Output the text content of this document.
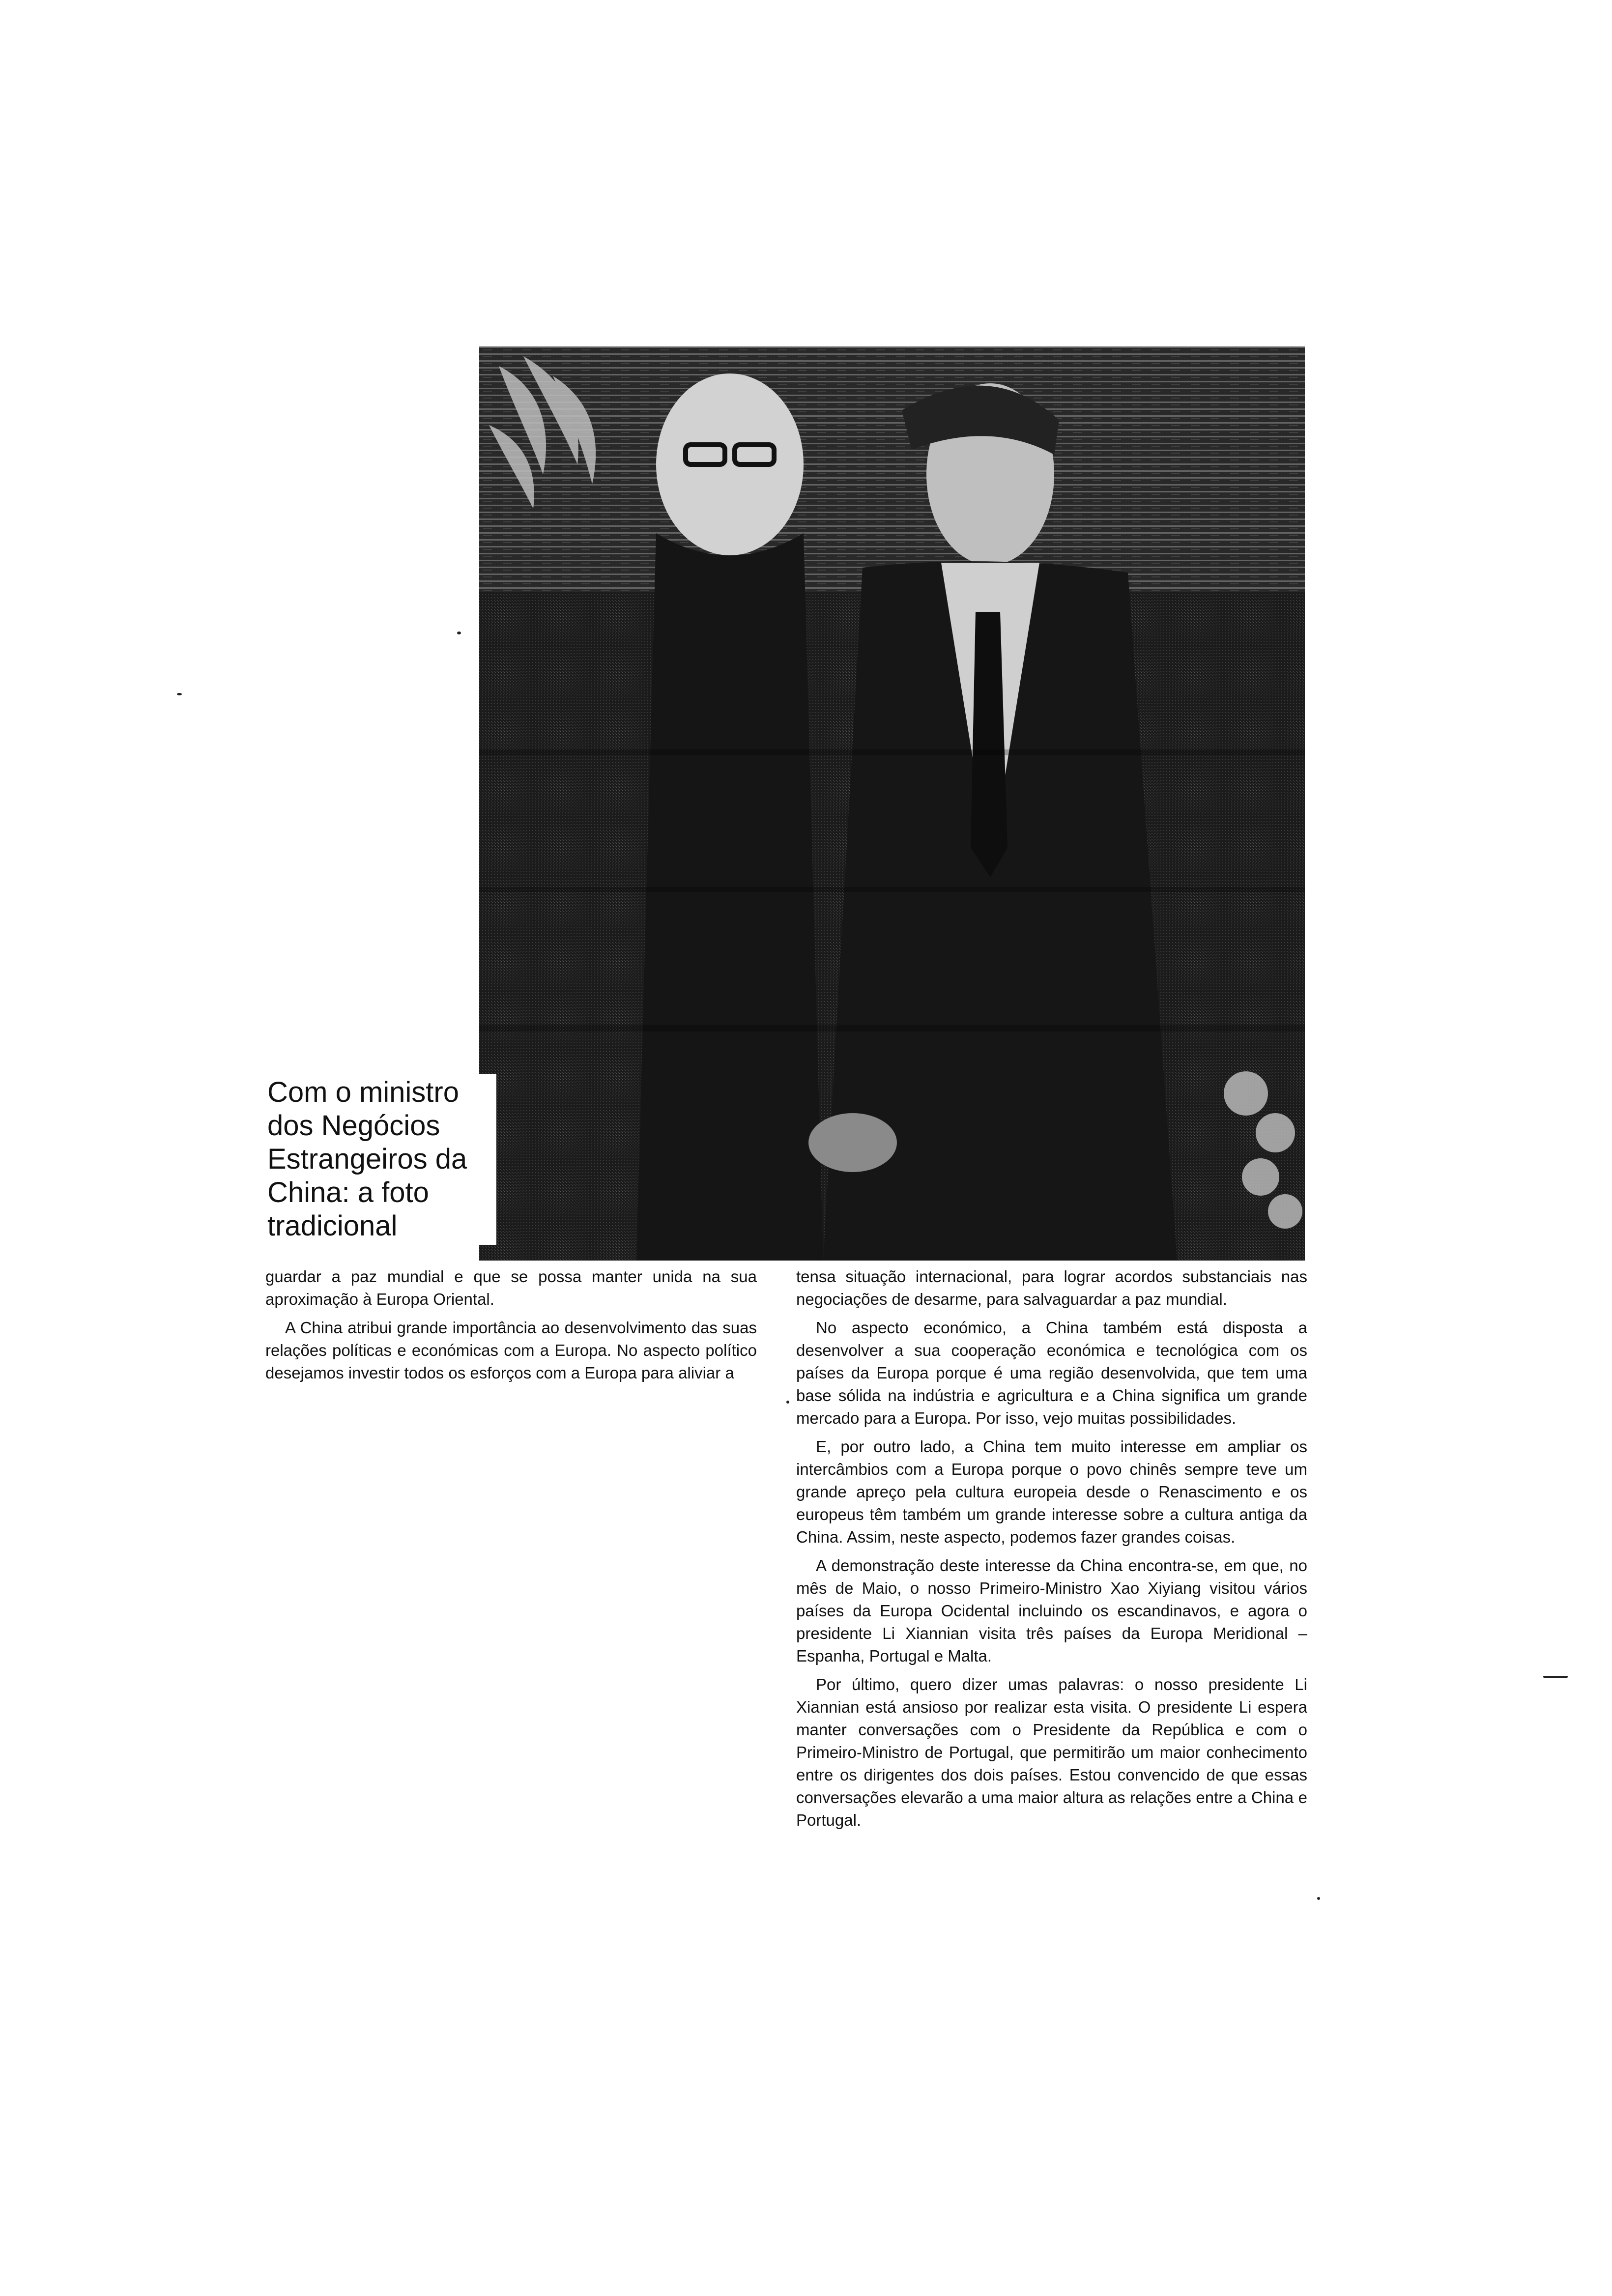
Com o ministro
dos Negócios
Estrangeiros da
China: a foto
tradicional

guardar a paz mundial e que se possa manter unida na sua aproximação à Europa Oriental.

A China atribui grande importância ao desenvolvimento das suas relações políticas e económicas com a Europa. No aspecto político desejamos investir todos os esforços com a Europa para aliviar a

tensa situação internacional, para lograr acordos substanciais nas negociações de desarme, para salvaguardar a paz mundial.

No aspecto económico, a China também está disposta a desenvolver a sua cooperação económica e tecnológica com os países da Europa porque é uma região desenvolvida, que tem uma base sólida na indústria e agricultura e a China significa um grande mercado para a Europa. Por isso, vejo muitas possibilidades.

E, por outro lado, a China tem muito interesse em ampliar os intercâmbios com a Europa porque o povo chinês sempre teve um grande apreço pela cultura europeia desde o Renascimento e os europeus têm também um grande interesse sobre a cultura antiga da China. Assim, neste aspecto, podemos fazer grandes coisas.

A demonstração deste interesse da China encontra-se, em que, no mês de Maio, o nosso Primeiro-Ministro Xao Xiyiang visitou vários países da Europa Ocidental incluindo os escandinavos, e agora o presidente Li Xiannian visita três países da Europa Meridional – Espanha, Portugal e Malta.

Por último, quero dizer umas palavras: o nosso presidente Li Xiannian está ansioso por realizar esta visita. O presidente Li espera manter conversações com o Presidente da República e com o Primeiro-Ministro de Portugal, que permitirão um maior conhecimento entre os dirigentes dos dois países. Estou convencido de que essas conversações elevarão a uma maior altura as relações entre a China e Portugal.
